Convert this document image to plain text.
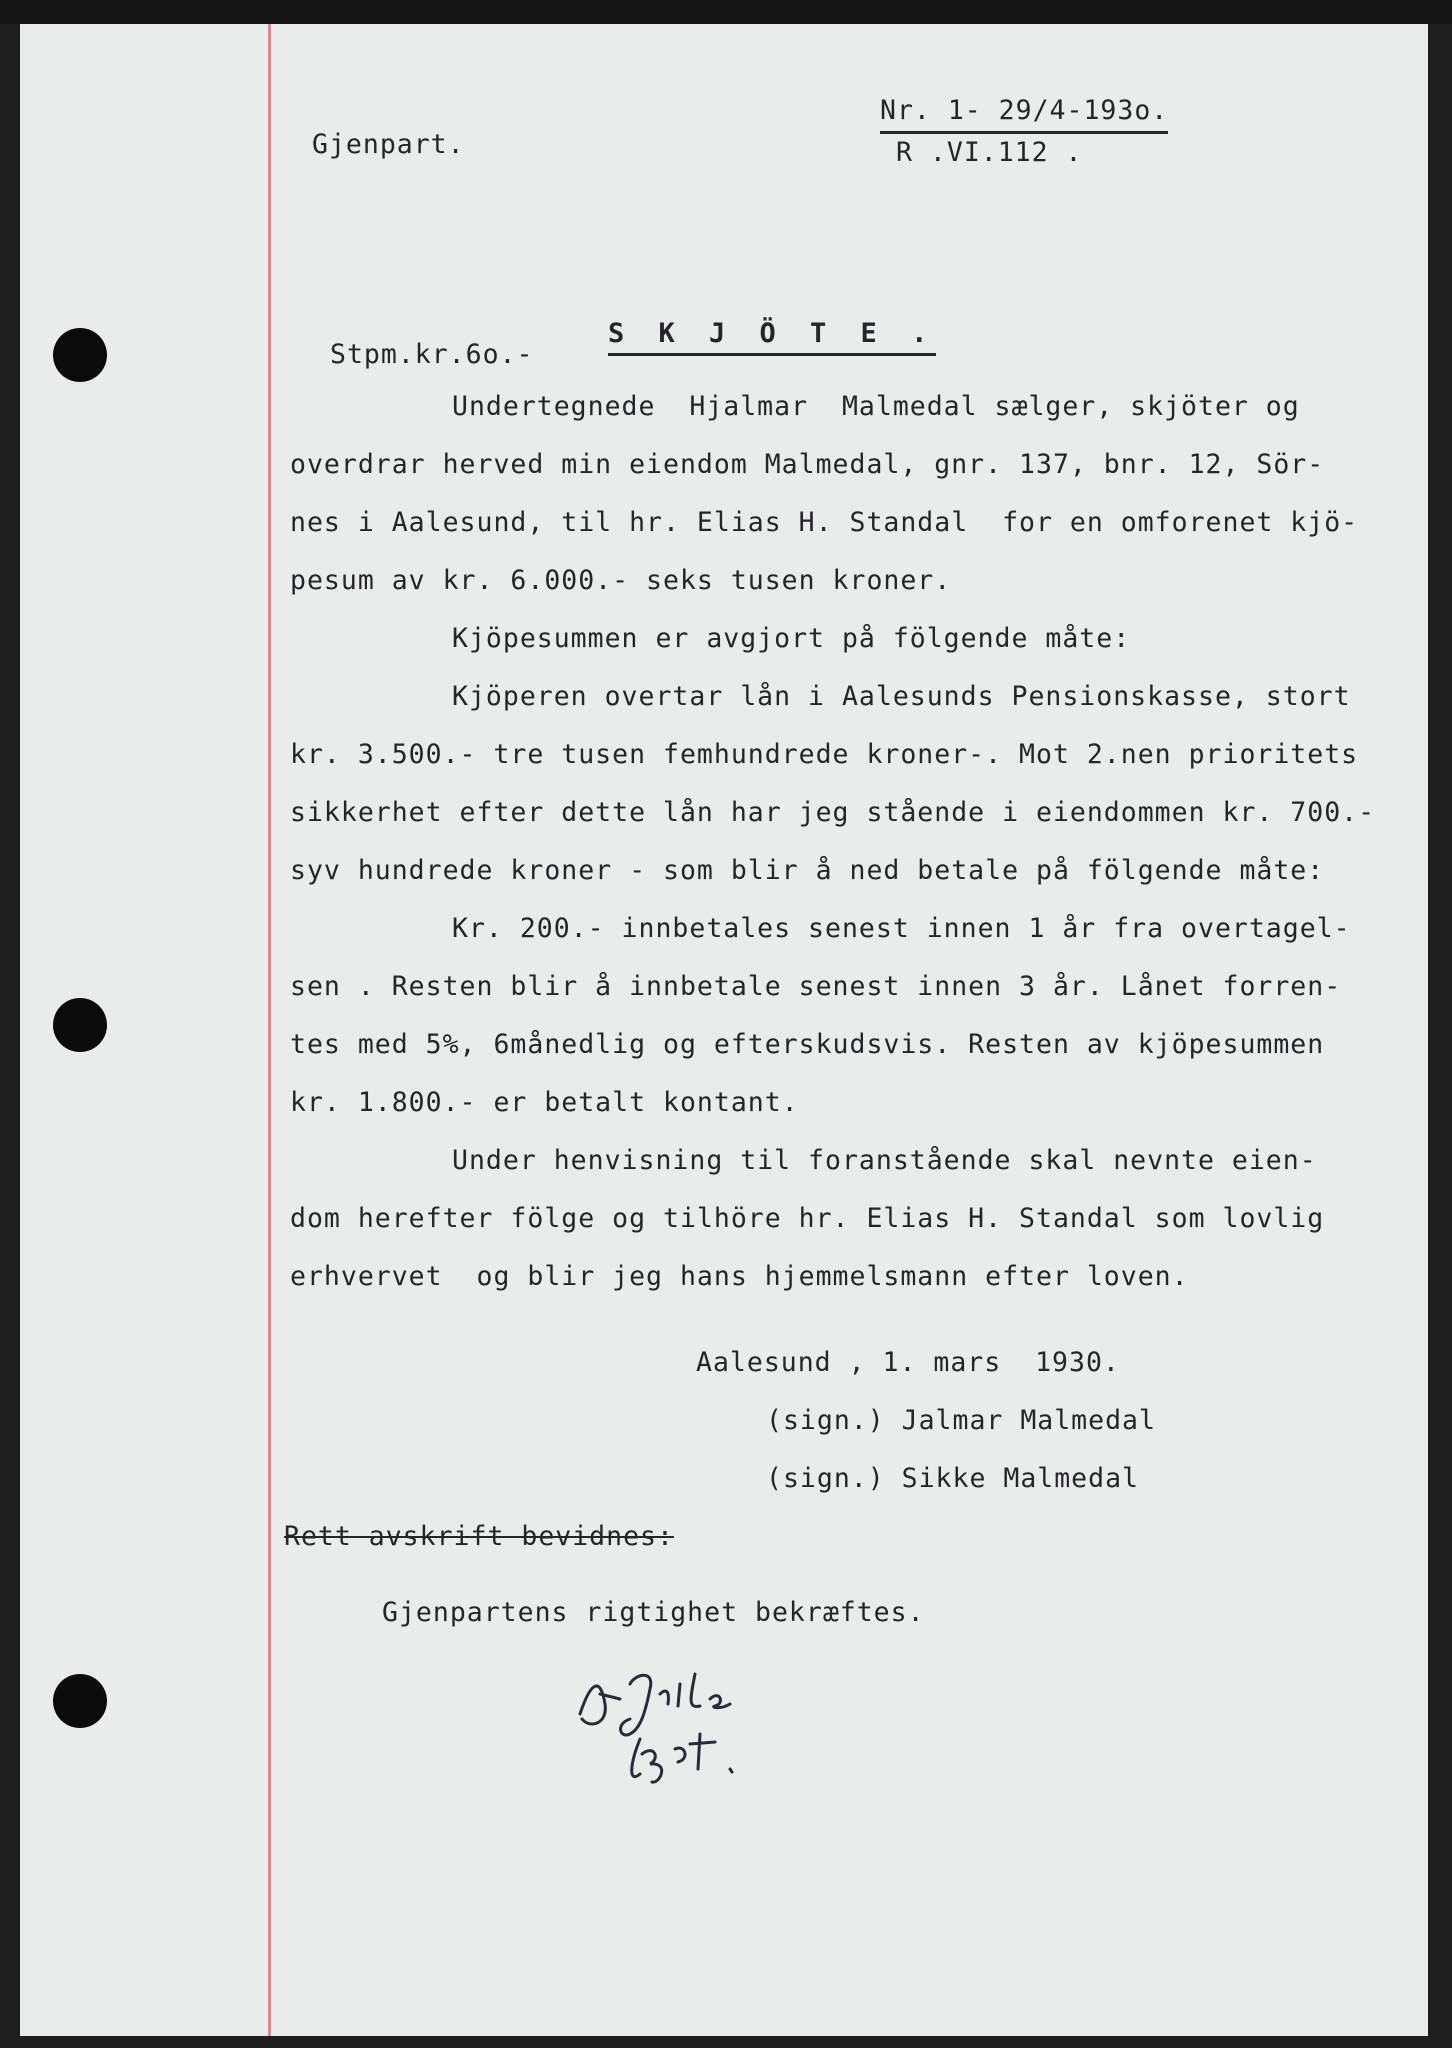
Gjenpart.
Nr. 1- 29/4-193o.
R .VI.112 .
Stpm.kr.6o.-
S K J Ö T E .
Undertegnede  Hjalmar  Malmedal sælger, skjöter og
overdrar herved min eiendom Malmedal, gnr. 137, bnr. 12, Sör-
nes i Aalesund, til hr. Elias H. Standal  for en omforenet kjö-
pesum av kr. 6.000.- seks tusen kroner.
Kjöpesummen er avgjort på fölgende måte:
Kjöperen overtar lån i Aalesunds Pensionskasse, stort
kr. 3.500.- tre tusen femhundrede kroner-. Mot 2.nen prioritets
sikkerhet efter dette lån har jeg stående i eiendommen kr. 700.-
syv hundrede kroner - som blir å ned betale på fölgende måte:
Kr. 200.- innbetales senest innen 1 år fra overtagel-
sen . Resten blir å innbetale senest innen 3 år. Lånet forren-
tes med 5%, 6månedlig og efterskudsvis. Resten av kjöpesummen
kr. 1.800.- er betalt kontant.
Under henvisning til foranstående skal nevnte eien-
dom herefter fölge og tilhöre hr. Elias H. Standal som lovlig
erhvervet  og blir jeg hans hjemmelsmann efter loven.
Aalesund , 1. mars  1930.
(sign.) Jalmar Malmedal
(sign.) Sikke Malmedal
Rett avskrift bevidnes:
Gjenpartens rigtighet bekræftes.
